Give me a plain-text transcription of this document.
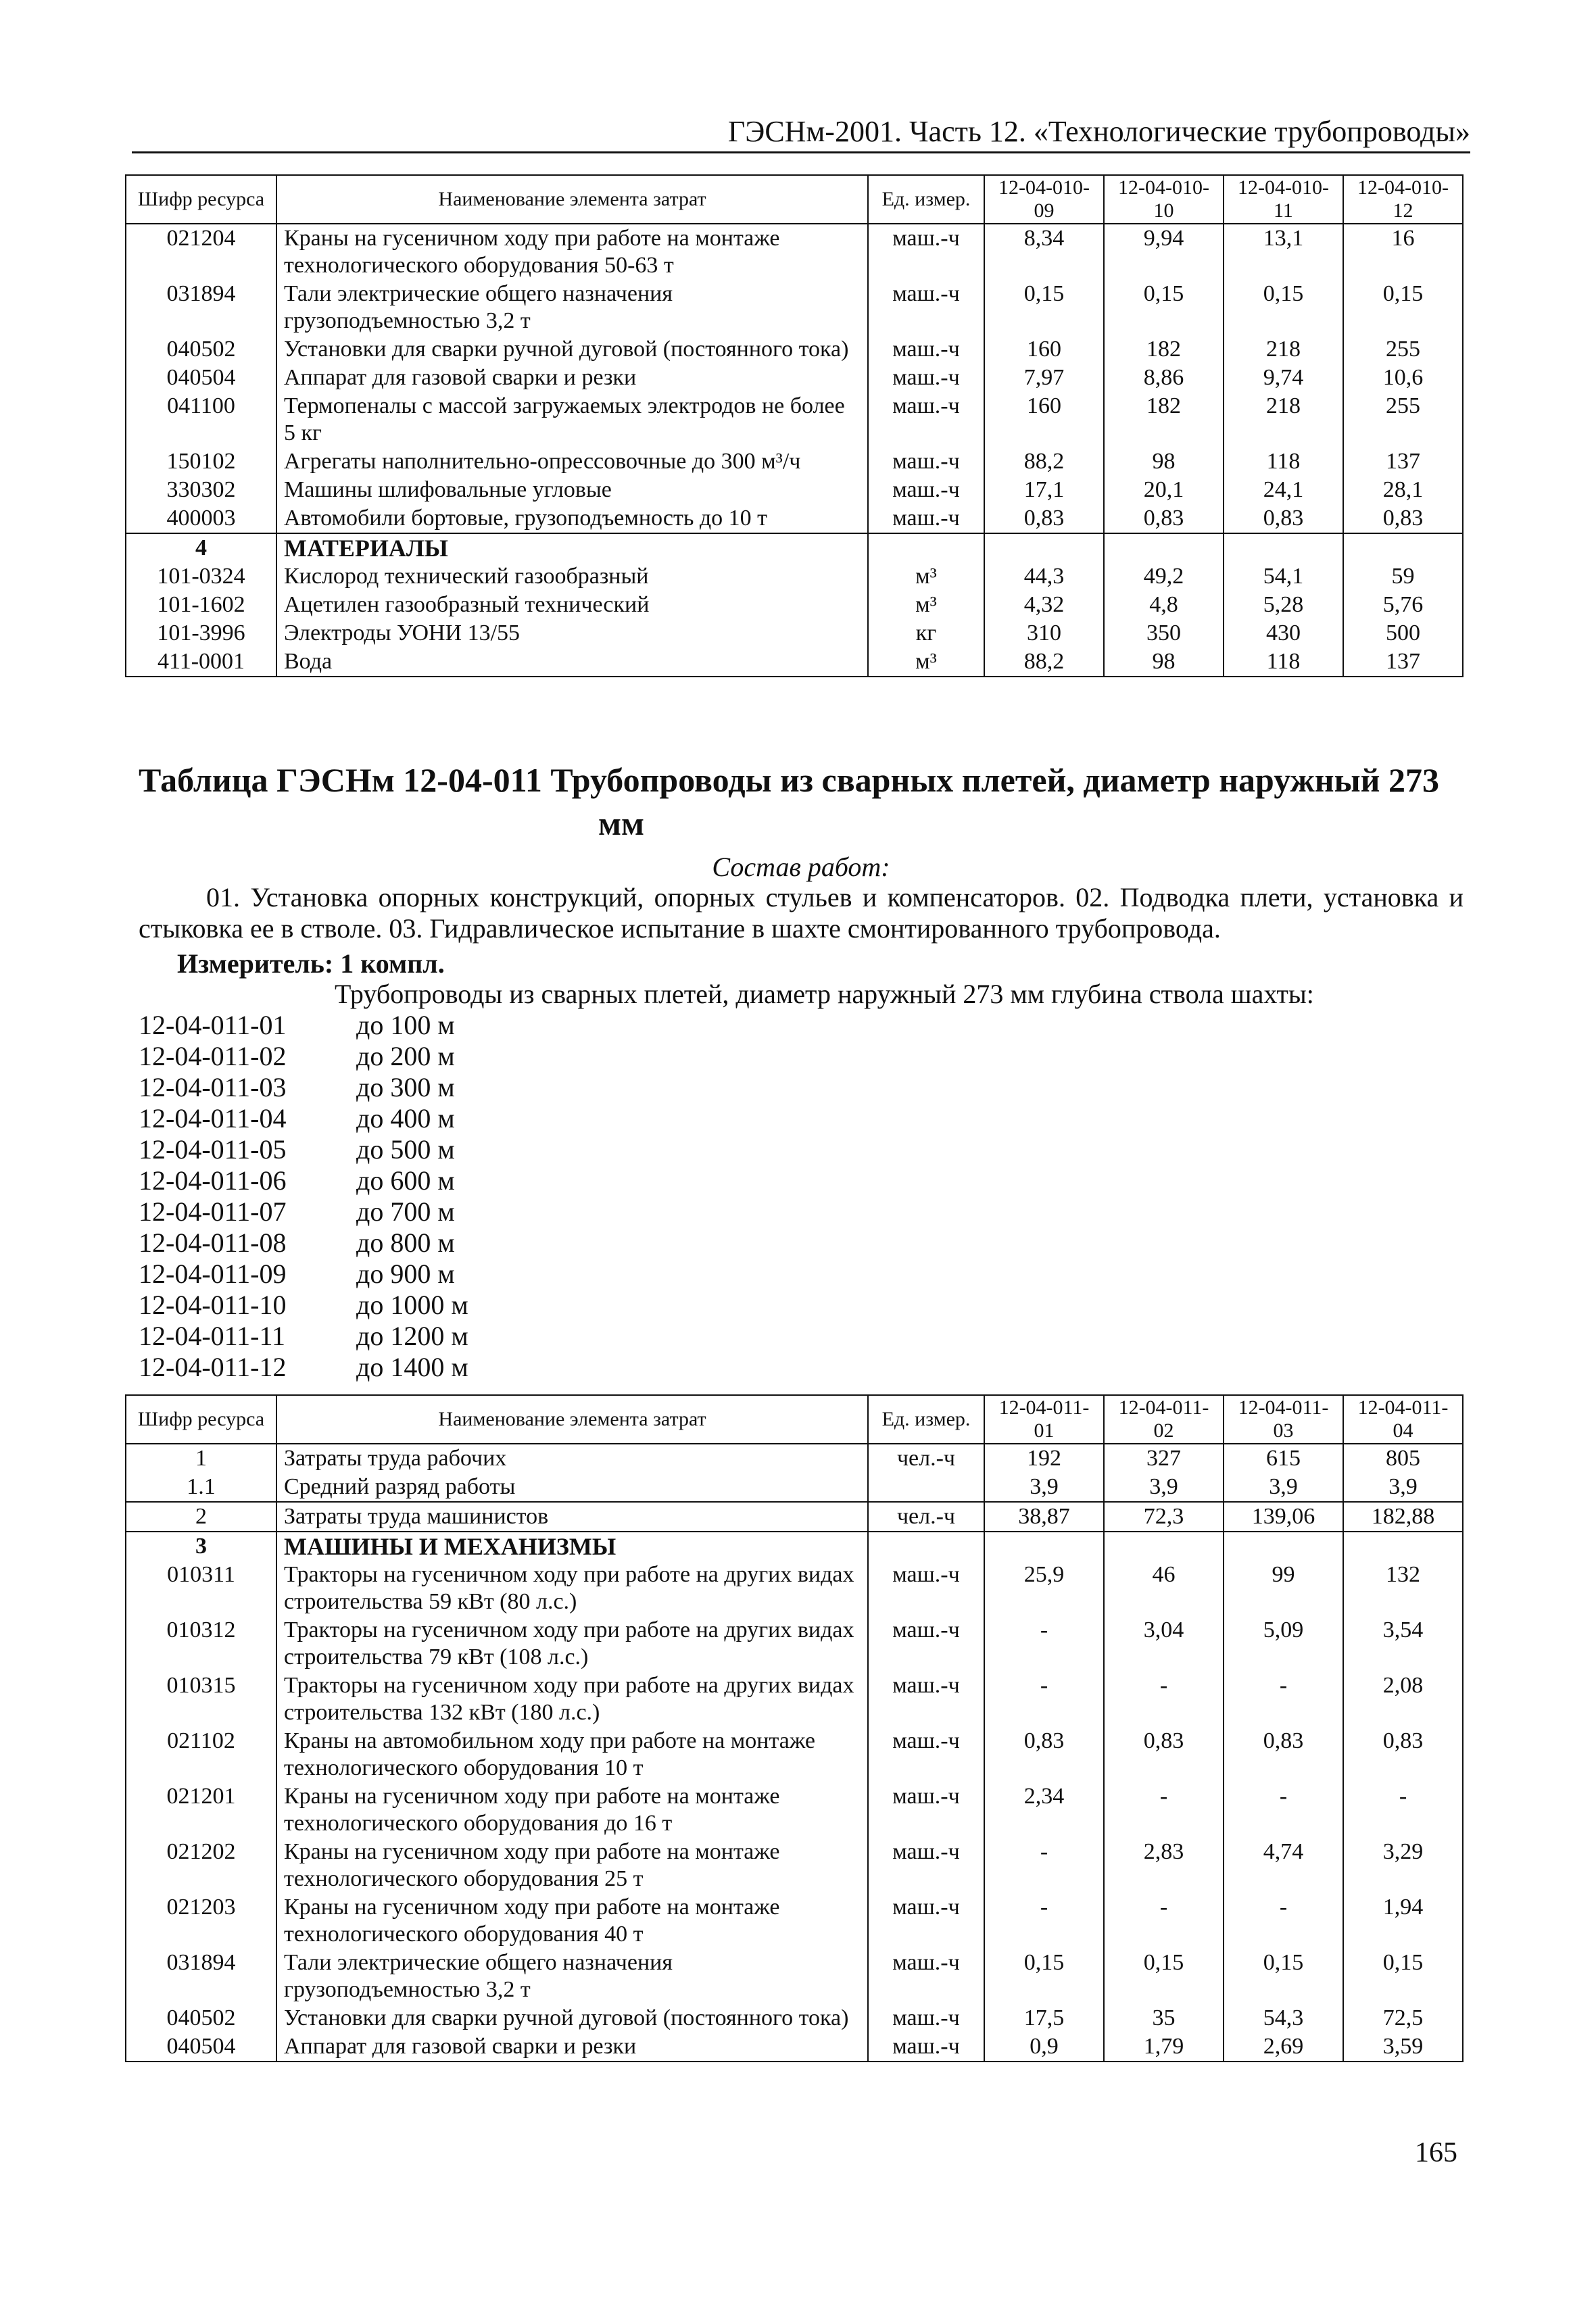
ГЭСНм-2001. Часть 12. «Технологические трубопроводы»
Шифр ресурса	Наименование элемента затрат	Ед. измер.	12-04-010-09	12-04-010-10	12-04-010-11	12-04-010-12
021204	Краны на гусеничном ходу при работе на монтаже технологического оборудования 50-63 т	маш.-ч	8,34	9,94	13,1	16
031894	Тали электрические общего назначения грузоподъемностью 3,2 т	маш.-ч	0,15	0,15	0,15	0,15
040502	Установки для сварки ручной дуговой (постоянного тока)	маш.-ч	160	182	218	255
040504	Аппарат для газовой сварки и резки	маш.-ч	7,97	8,86	9,74	10,6
041100	Термопеналы с массой загружаемых электродов не более 5 кг	маш.-ч	160	182	218	255
150102	Агрегаты наполнительно-опрессовочные до 300 м³/ч	маш.-ч	88,2	98	118	137
330302	Машины шлифовальные угловые	маш.-ч	17,1	20,1	24,1	28,1
400003	Автомобили бортовые, грузоподъемность до 10 т	маш.-ч	0,83	0,83	0,83	0,83
4	МАТЕРИАЛЫ					
101-0324	Кислород технический газообразный	м³	44,3	49,2	54,1	59
101-1602	Ацетилен газообразный технический	м³	4,32	4,8	5,28	5,76
101-3996	Электроды УОНИ 13/55	кг	310	350	430	500
411-0001	Вода	м³	88,2	98	118	137
Таблица ГЭСНм 12-04-011 Трубопроводы из сварных плетей, диаметр наружный 273
мм
Состав работ:
01. Установка опорных конструкций, опорных стульев и компенсаторов. 02. Подводка плети, установка и стыковка ее в стволе. 03. Гидравлическое испытание в шахте смонтированного трубопровода.
Измеритель: 1 компл.
Трубопроводы из сварных плетей, диаметр наружный 273 мм глубина ствола шахты:
12-04-011-01	до 100 м
12-04-011-02	до 200 м
12-04-011-03	до 300 м
12-04-011-04	до 400 м
12-04-011-05	до 500 м
12-04-011-06	до 600 м
12-04-011-07	до 700 м
12-04-011-08	до 800 м
12-04-011-09	до 900 м
12-04-011-10	до 1000 м
12-04-011-11	до 1200 м
12-04-011-12	до 1400 м
Шифр ресурса	Наименование элемента затрат	Ед. измер.	12-04-011-01	12-04-011-02	12-04-011-03	12-04-011-04
1	Затраты труда рабочих	чел.-ч	192	327	615	805
1.1	Средний разряд работы		3,9	3,9	3,9	3,9
2	Затраты труда машинистов	чел.-ч	38,87	72,3	139,06	182,88
3	МАШИНЫ И МЕХАНИЗМЫ					
010311	Тракторы на гусеничном ходу при работе на других видах строительства 59 кВт (80 л.с.)	маш.-ч	25,9	46	99	132
010312	Тракторы на гусеничном ходу при работе на других видах строительства 79 кВт (108 л.с.)	маш.-ч	-	3,04	5,09	3,54
010315	Тракторы на гусеничном ходу при работе на других видах строительства 132 кВт (180 л.с.)	маш.-ч	-	-	-	2,08
021102	Краны на автомобильном ходу при работе на монтаже технологического оборудования 10 т	маш.-ч	0,83	0,83	0,83	0,83
021201	Краны на гусеничном ходу при работе на монтаже технологического оборудования до 16 т	маш.-ч	2,34	-	-	-
021202	Краны на гусеничном ходу при работе на монтаже технологического оборудования 25 т	маш.-ч	-	2,83	4,74	3,29
021203	Краны на гусеничном ходу при работе на монтаже технологического оборудования 40 т	маш.-ч	-	-	-	1,94
031894	Тали электрические общего назначения грузоподъемностью 3,2 т	маш.-ч	0,15	0,15	0,15	0,15
040502	Установки для сварки ручной дуговой (постоянного тока)	маш.-ч	17,5	35	54,3	72,5
040504	Аппарат для газовой сварки и резки	маш.-ч	0,9	1,79	2,69	3,59
165
